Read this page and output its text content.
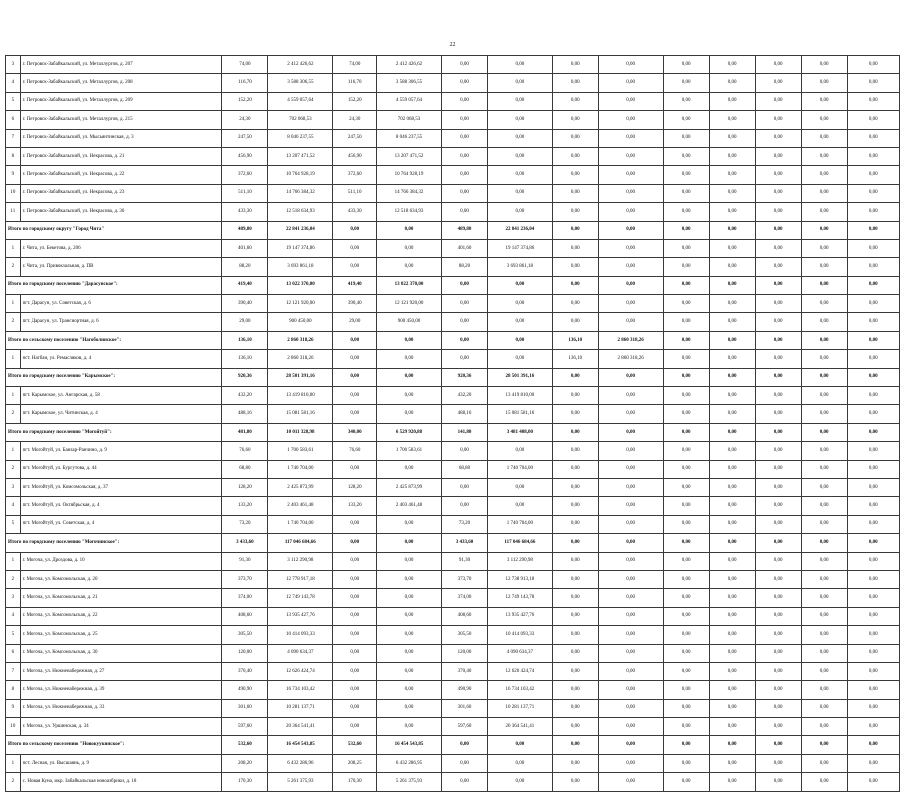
22
3	г. Петровск-Забайкальский, ул. Металлургов, д. 207	74,00	2 412 426,62	74,00	2 412 426,62	0,00	0,00	0,00	0,00	0,00	0,00	0,00	0,00	0,00
4	г. Петровск-Забайкальский, ул. Металлургов, д. 208	116,70	3 588 306,55	116,70	3 588 306,55	0,00	0,00	0,00	0,00	0,00	0,00	0,00	0,00	0,00
5	г. Петровск-Забайкальский, ул. Металлургов, д. 209	152,20	4 559 057,64	152,20	4 559 057,64	0,00	0,00	0,00	0,00	0,00	0,00	0,00	0,00	0,00
6	г. Петровск-Забайкальский, ул. Металлургов, д. 215	24,30	702 068,53	24,30	702 068,53	0,00	0,00	0,00	0,00	0,00	0,00	0,00	0,00	0,00
7	г. Петровск-Забайкальский, ул. Мысьянтинская, д. 3	247,50	8 046 237,55	247,50	8 046 237,55	0,00	0,00	0,00	0,00	0,00	0,00	0,00	0,00	0,00
8	г. Петровск-Забайкальский, ул. Некрасова, д. 21	456,90	13 207 471,52	456,90	13 207 471,52	0,00	0,00	0,00	0,00	0,00	0,00	0,00	0,00	0,00
9	г. Петровск-Забайкальский, ул. Некрасова, д. 22	372,60	10 764 928,19	372,60	10 764 928,19	0,00	0,00	0,00	0,00	0,00	0,00	0,00	0,00	0,00
10	г. Петровск-Забайкальский, ул. Некрасова, д. 23	511,10	14 766 384,32	511,10	14 766 384,32	0,00	0,00	0,00	0,00	0,00	0,00	0,00	0,00	0,00
11	г. Петровск-Забайкальский, ул. Некрасова, д. 30	433,30	12 518 634,93	433,30	12 518 634,93	0,00	0,00	0,00	0,00	0,00	0,00	0,00	0,00	0,00
Итого по городскому округу "Город Чита"		489,80	22 841 236,04	0,00	0,00	489,80	22 841 236,04	0,00	0,00	0,00	0,00	0,00	0,00	0,00
1	г. Чита, ул. Бекетова, д. 206	401,60	19 147 374,86	0,00	0,00	401,60	19 147 374,86	0,00	0,00	0,00	0,00	0,00	0,00	0,00
2	г. Чита, ул. Привокзальная, д. ПВ	88,20	3 693 861,18	0,00	0,00	88,20	3 693 861,18	0,00	0,00	0,00	0,00	0,00	0,00	0,00
Итого по городскому поселению "Дарасунское":		419,40	13 022 370,00	419,40	13 022 370,00	0,00	0,00	0,00	0,00	0,00	0,00	0,00	0,00	0,00
1	пгт. Дарасун, ул. Советская, д. 6	390,40	12 121 920,00	390,40	12 121 920,00	0,00	0,00	0,00	0,00	0,00	0,00	0,00	0,00	0,00
2	пгт. Дарасун, ул. Трансиортная, д. 6	29,00	900 450,00	29,00	900 450,00	0,00	0,00	0,00	0,00	0,00	0,00	0,00	0,00	0,00
Итого по сельскому поселению "Нагоболинское":		136,10	2 860 318,26	0,00	0,00	0,00	0,00	136,10	2 860 318,26	0,00	0,00	0,00	0,00	0,00
1	пст. Нагбан, ул. Ремасляков, д. 4	136,10	2 860 318,26	0,00	0,00	0,00	0,00	136,10	2 860 318,26	0,00	0,00	0,00	0,00	0,00
Итого по городскому поселению "Карымское":		920,36	28 501 391,16	0,00	0,00	920,36	28 501 391,16	0,00	0,00	0,00	0,00	0,00	0,00	0,00
1	пгт. Карымское, ул. Ангарская, д. 58	432,20	13 419 810,00	0,00	0,00	432,20	13 419 810,00	0,00	0,00	0,00	0,00	0,00	0,00	0,00
2	пгт. Карымское, ул. Читинская, д. 4	488,16	15 081 581,16	0,00	0,00	488,16	15 081 581,16	0,00	0,00	0,00	0,00	0,00	0,00	0,00
Итого по городскому поселению "Могойтуй":		481,80	10 011 328,98	340,00	6 529 920,88	141,80	3 481 408,00	0,00	0,00	0,00	0,00	0,00	0,00	0,00
1	пгт. Могойтуй, ул. Банзар-Ранчино, д. 9	76,60	1 700 583,61	76,60	1 700 583,61	0,00	0,00	0,00	0,00	0,00	0,00	0,00	0,00	0,00
2	пгт. Могойтуй, ул. Бургутова, д. 44	68,80	1 740 704,00	0,00	0,00	68,80	1 740 704,00	0,00	0,00	0,00	0,00	0,00	0,00	0,00
3	пгт. Могойтуй, ул. Комсомольская, д. 37	128,20	2 425 873,99	128,20	2 425 873,99	0,00	0,00	0,00	0,00	0,00	0,00	0,00	0,00	0,00
4	пгт. Могойтуй, ул. Октябрьская, д. 4	133,20	2 403 461,48	133,20	2 403 461,48	0,00	0,00	0,00	0,00	0,00	0,00	0,00	0,00	0,00
5	пгт. Могойтуй, ул. Советская, д. 4	73,20	1 740 704,00	0,00	0,00	73,20	1 740 704,00	0,00	0,00	0,00	0,00	0,00	0,00	0,00
Итого по городскому поселению "Могочинское":		3 433,60	117 046 684,66	0,00	0,00	3 433,60	117 046 684,66	0,00	0,00	0,00	0,00	0,00	0,00	0,00
1	г. Могоча, ул. Дроздова, д. 10	91,30	3 112 290,98	0,00	0,00	91,30	3 112 290,98	0,00	0,00	0,00	0,00	0,00	0,00	0,00
2	г. Могоча, ул. Комсомольская, д. 20	373,70	12 778 917,18	0,00	0,00	373,70	12 738 913,18	0,00	0,00	0,00	0,00	0,00	0,00	0,00
3	г. Могоча, ул. Комсомольская, д. 21	374,00	12 749 143,78	0,00	0,00	374,00	12 749 143,78	0,00	0,00	0,00	0,00	0,00	0,00	0,00
4	г. Могоча, ул. Комсомольская, д. 22	408,60	13 935 427,76	0,00	0,00	408,60	13 935 427,76	0,00	0,00	0,00	0,00	0,00	0,00	0,00
5	г. Могоча, ул. Комсомольская, д. 25	305,50	10 414 093,33	0,00	0,00	305,50	10 414 093,33	0,00	0,00	0,00	0,00	0,00	0,00	0,00
6	г. Могоча, ул. Комсомольская, д. 30	120,00	4 090 634,37	0,00	0,00	120,00	4 090 634,37	0,00	0,00	0,00	0,00	0,00	0,00	0,00
7	г. Могоча, ул. Нижненабережная, д. 27	370,40	12 626 424,74	0,00	0,00	370,40	12 626 424,74	0,00	0,00	0,00	0,00	0,00	0,00	0,00
8	г. Могоча, ул. Нижненабережная, д. 39	490,90	16 734 103,42	0,00	0,00	490,90	16 734 103,42	0,00	0,00	0,00	0,00	0,00	0,00	0,00
9	г. Могоча, ул. Нижненабережная, д. 33	301,60	10 281 137,71	0,00	0,00	301,60	10 281 137,71	0,00	0,00	0,00	0,00	0,00	0,00	0,00
10	г. Могоча, ул. Уршинская, д. 34	597,60	20 364 541,41	0,00	0,00	597,60	20 364 541,41	0,00	0,00	0,00	0,00	0,00	0,00	0,00
Итого по сельскому поселению "Новокуукинское":		532,60	16 454 543,85	532,60	16 454 543,85	0,00	0,00	0,00	0,00	0,00	0,00	0,00	0,00	0,00
1	пст. Лесная, ул. Высшаянь, д. 9	208,20	6 432 286,96	208,25	6 432 286,95	0,00	0,00	0,00	0,00	0,00	0,00	0,00	0,00	0,00
2	с. Новая Куна, мкр. Забайкальская новоазбрики, д. 18	170,30	5 261 375,93	170,30	5 261 375,93	0,00	0,00	0,00	0,00	0,00	0,00	0,00	0,00	0,00
